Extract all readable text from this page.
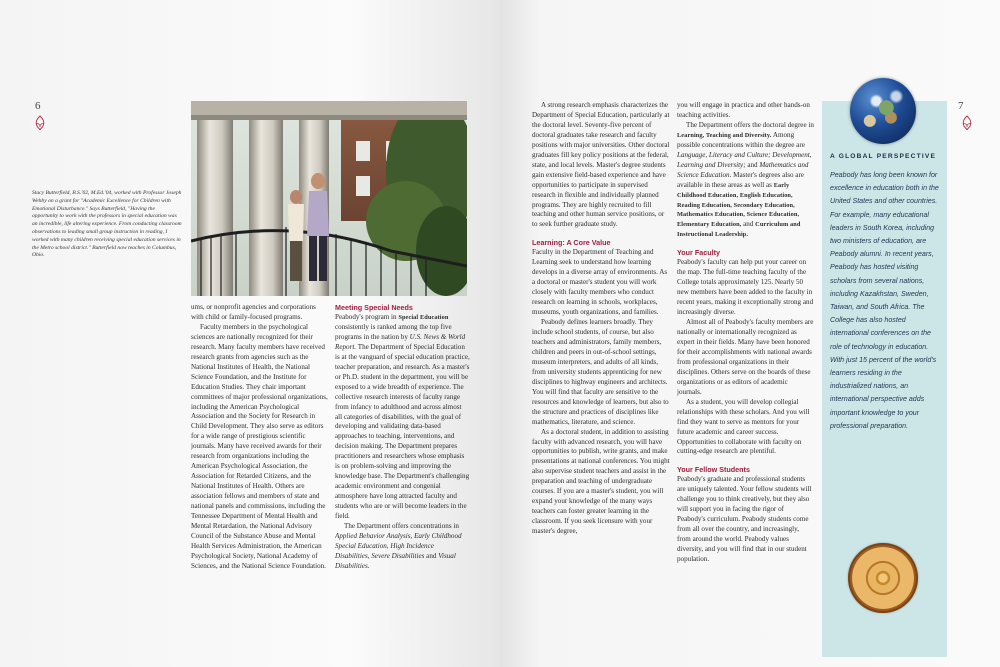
6
Stacy Butterfield, B.S.'02, M.Ed.'04, worked with Professor Joseph Wehby on a grant for "Academic Excellence for Children with Emotional Disturbance." Says Butterfield, "Having the opportunity to work with the professors in special education was an incredible, life altering experience. From conducting classroom observations to leading small group instruction in reading, I worked with many children receiving special education services in the Metro school district." Butterfield now teaches in Columbus, Ohio.

ums, or nonprofit agencies and corporations with child or family-focused programs.

Faculty members in the psychological sciences are nationally recognized for their research. Many faculty members have received research grants from agencies such as the National Institutes of Health, the National Science Foundation, and the Institute for Education Studies. They chair important committees of major professional organizations, including the American Psychological Association and the Society for Research in Child Development. They also serve as editors for a wide range of prestigious scientific journals. Many have received awards for their research from organizations including the American Psychological Association, the Association for Retarded Citizens, and the National Institutes of Health. Others are association fellows and members of state and national panels and commissions, including the Tennessee Department of Mental Health and Mental Retardation, the National Advisory Council of the Substance Abuse and Mental Health Services Administration, the American Psychological Society, National Academy of Sciences, and the National Science Foundation.

Meeting Special Needs

Peabody's program in Special Education consistently is ranked among the top five programs in the nation by U.S. News & World Report. The Department of Special Education is at the vanguard of special education practice, teacher preparation, and research. As a master's or Ph.D. student in the department, you will be exposed to a wide breadth of experience. The collective research interests of faculty range from infancy to adulthood and across almost all categories of disabilities, with the goal of developing and validating data-based approaches to teaching, interventions, and decision making. The Department prepares practitioners and researchers whose emphasis is on problem-solving and improving the knowledge base. The Department's challenging academic environment and congenial atmosphere have long attracted faculty and students who are or will become leaders in the field.

The Department offers concentrations in Applied Behavior Analysis, Early Childhood Special Education, High Incidence Disabilities, Severe Disabilities and Visual Disabilities.

7

A strong research emphasis characterizes the Department of Special Education, particularly at the doctoral level. Seventy-five percent of doctoral graduates take research and faculty positions with major universities. Other doctoral graduates fill key policy positions at the federal, state, and local levels. Master's degree students gain extensive field-based experience and have opportunities to participate in supervised research in flexible and individually planned programs. They are highly recruited to fill teaching and other human service positions, or to seek further graduate study.

Learning: A Core Value

Faculty in the Department of Teaching and Learning seek to understand how learning develops in a diverse array of environments. As a doctoral or master's student you will work closely with faculty members who conduct research on learning in schools, workplaces, museums, youth organizations, and families.

Peabody defines learners broadly. They include school students, of course, but also teachers and administrators, family members, children and peers in out-of-school settings, museum interpreters, and adults of all kinds, from university students apprenticing for new disciplines to highway engineers and architects. You will find that faculty are sensitive to the resources and knowledge of learners, but also to the structure and practices of disciplines like mathematics, literature, and science.

As a doctoral student, in addition to assisting faculty with advanced research, you will have opportunities to publish, write grants, and make presentations at national conferences. You might also supervise student teachers and assist in the preparation and teaching of undergraduate courses. If you are a master's student, you will expand your knowledge of the many ways teachers can foster greater learning in the classroom. If you seek licensure with your master's degree,

you will engage in practica and other hands-on teaching activities.

The Department offers the doctoral degree in Learning, Teaching and Diversity. Among possible concentrations within the degree are Language, Literacy and Culture; Development, Learning and Diversity; and Mathematics and Science Education. Master's degrees also are available in these areas as well as Early Childhood Education, English Education, Reading Education, Secondary Education, Mathematics Education, Science Education, Elementary Education, and Curriculum and Instructional Leadership.

Your Faculty

Peabody's faculty can help put your career on the map. The full-time teaching faculty of the College totals approximately 125. Nearly 50 new members have been added to the faculty in recent years, making it exceptionally strong and increasingly diverse.

Almost all of Peabody's faculty members are nationally or internationally recognized as expert in their fields. Many have been honored for their accomplishments with national awards from professional organizations in their disciplines. Others serve on the boards of these organizations or as editors of academic journals.

As a student, you will develop collegial relationships with these scholars. And you will find they want to serve as mentors for your future academic and career success. Opportunities to collaborate with faculty on cutting-edge research are plentiful.

Your Fellow Students

Peabody's graduate and professional students are uniquely talented. Your fellow students will challenge you to think creatively, but they also will support you in facing the rigor of Peabody's curriculum. Peabody students come from all over the country, and increasingly, from around the world. Peabody values diversity, and you will find that in our student population.

A GLOBAL PERSPECTIVE
Peabody has long been known for excellence in education both in the United States and other countries. For example, many educational leaders in South Korea, including two ministers of education, are Peabody alumni. In recent years, Peabody has hosted visiting scholars from several nations, including Kazakhstan, Sweden, Taiwan, and South Africa. The College has also hosted international conferences on the role of technology in education. With just 15 percent of the world's learners residing in the industrialized nations, an international perspective adds important knowledge to your professional preparation.
